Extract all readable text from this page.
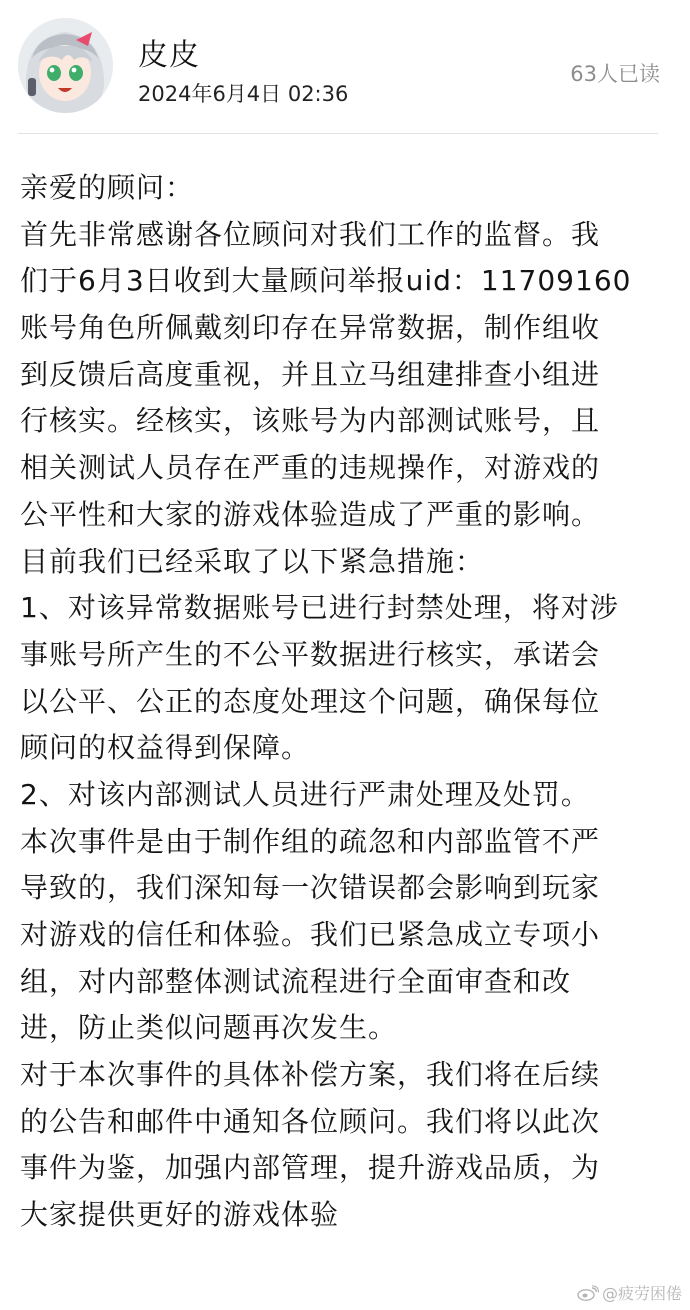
皮皮
2024年6月4日 02:36
63人已读
亲爱的顾问：
首先非常感谢各位顾问对我们工作的监督。我
们于6月3日收到大量顾问举报uid：11709160
账号角色所佩戴刻印存在异常数据，制作组收
到反馈后高度重视，并且立马组建排查小组进
行核实。经核实，该账号为内部测试账号，且
相关测试人员存在严重的违规操作，对游戏的
公平性和大家的游戏体验造成了严重的影响。
目前我们已经采取了以下紧急措施：
1、对该异常数据账号已进行封禁处理，将对涉
事账号所产生的不公平数据进行核实，承诺会
以公平、公正的态度处理这个问题，确保每位
顾问的权益得到保障。
2、对该内部测试人员进行严肃处理及处罚。
本次事件是由于制作组的疏忽和内部监管不严
导致的，我们深知每一次错误都会影响到玩家
对游戏的信任和体验。我们已紧急成立专项小
组，对内部整体测试流程进行全面审查和改
进，防止类似问题再次发生。
对于本次事件的具体补偿方案，我们将在后续
的公告和邮件中通知各位顾问。我们将以此次
事件为鉴，加强内部管理，提升游戏品质，为
大家提供更好的游戏体验
@疲劳困倦
